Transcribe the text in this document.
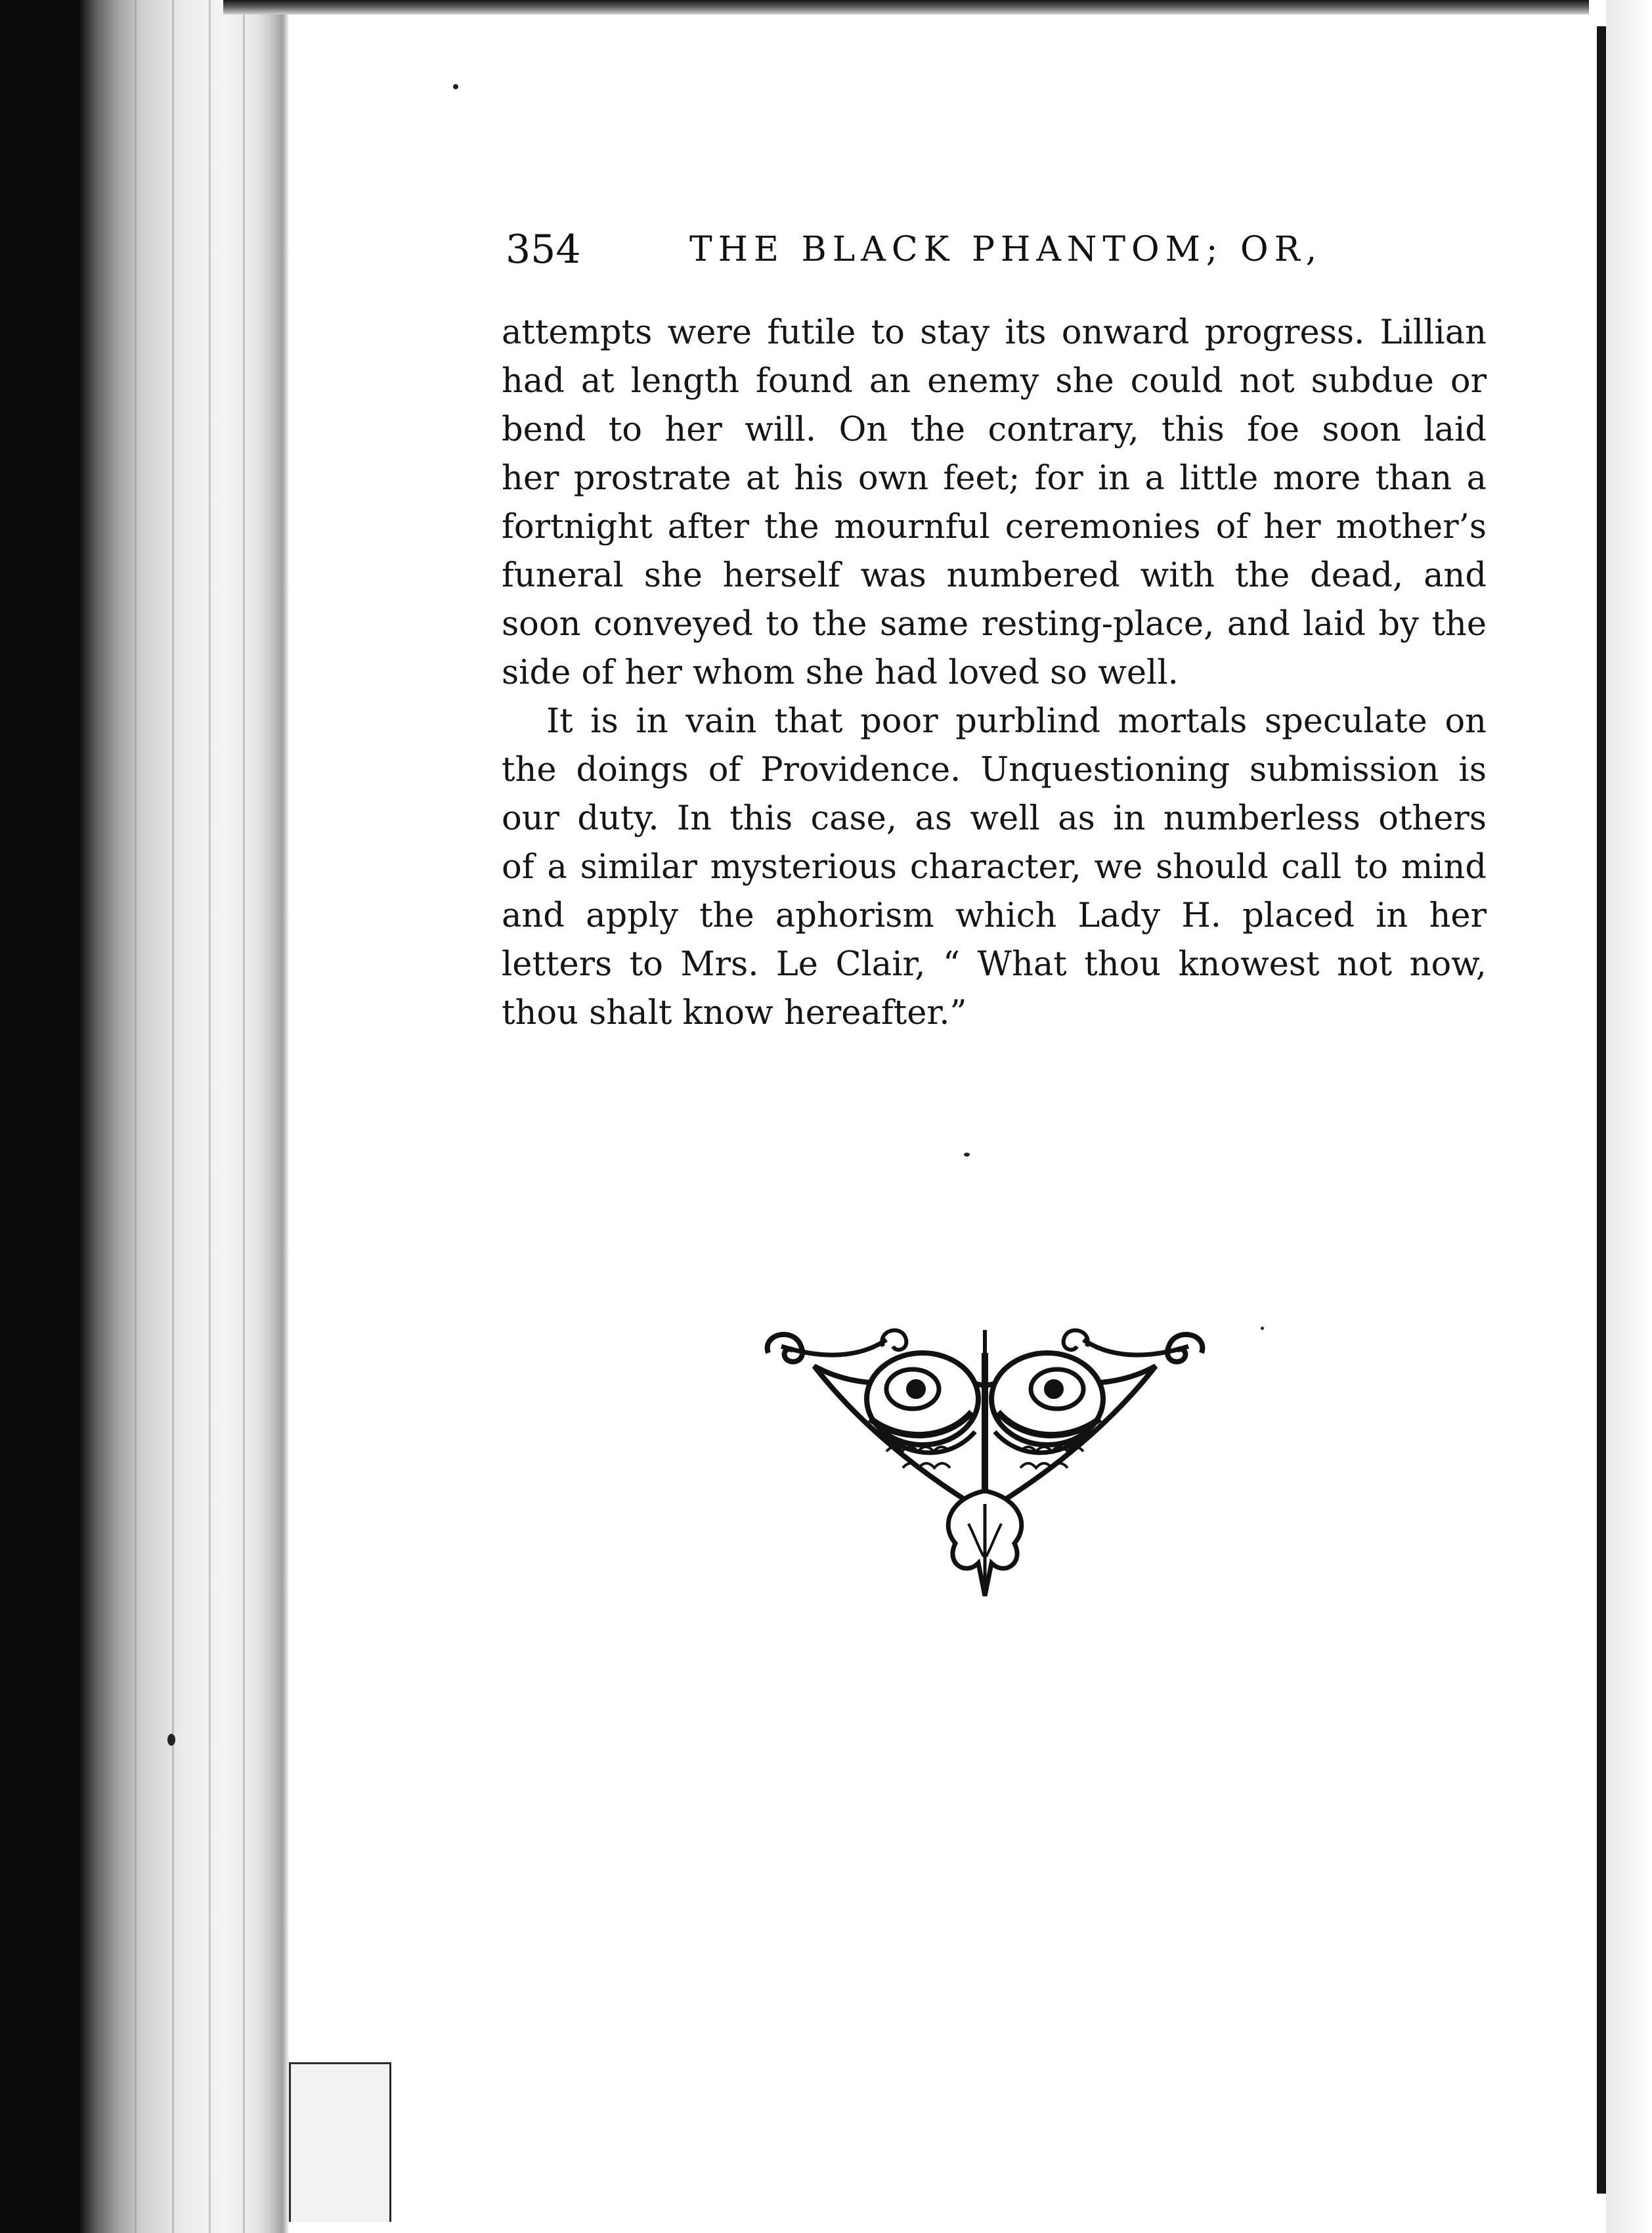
354	THE BLACK PHANTOM; OR,
attempts were futile to stay its onward progress. Lillian
had at length found an enemy she could not subdue or
bend to her will. On the contrary, this foe soon laid
her prostrate at his own feet; for in a little more than a
fortnight after the mournful ceremonies of her mother’s
funeral she herself was numbered with the dead, and
soon conveyed to the same resting-place, and laid by the
side of her whom she had loved so well.
It is in vain that poor purblind mortals speculate on
the doings of Providence. Unquestioning submission is
our duty. In this case, as well as in numberless others
of a similar mysterious character, we should call to mind
and apply the aphorism which Lady H. placed in her
letters to Mrs. Le Clair, “ What thou knowest not now,
thou shalt know hereafter.”
